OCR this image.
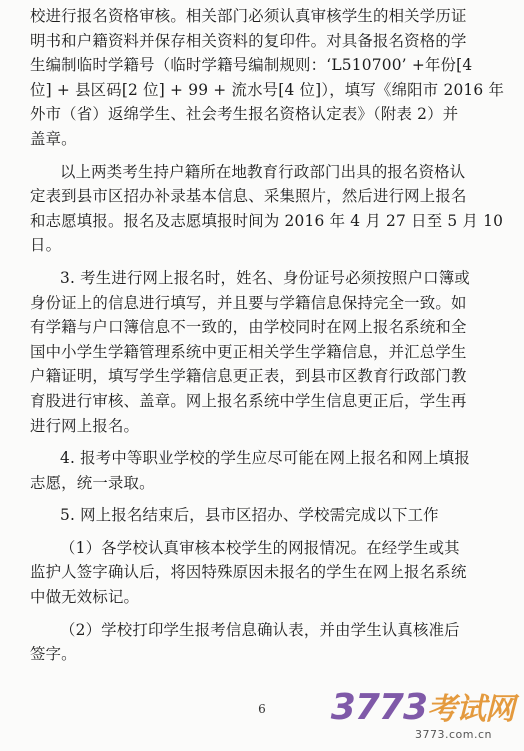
校进行报名资格审核。相关部门必须认真审核学生的相关学历证
明书和户籍资料并保存相关资料的复印件。对具备报名资格的学
生编制临时学籍号（临时学籍号编制规则：‘L510700’ +年份[4
位] + 县区码[2 位] + 99 + 流水号[4 位]），填写《绵阳市 2016 年
外市（省）返绵学生、社会考生报名资格认定表》（附表 2）并
盖章。
以上两类考生持户籍所在地教育行政部门出具的报名资格认
定表到县市区招办补录基本信息、采集照片，然后进行网上报名
和志愿填报。报名及志愿填报时间为 2016 年 4 月 27 日至 5 月 10
日。
3. 考生进行网上报名时，姓名、身份证号必须按照户口簿或
身份证上的信息进行填写，并且要与学籍信息保持完全一致。如
有学籍与户口簿信息不一致的，由学校同时在网上报名系统和全
国中小学生学籍管理系统中更正相关学生学籍信息，并汇总学生
户籍证明，填写学生学籍信息更正表，到县市区教育行政部门教
育股进行审核、盖章。网上报名系统中学生信息更正后，学生再
进行网上报名。
4. 报考中等职业学校的学生应尽可能在网上报名和网上填报
志愿，统一录取。
5. 网上报名结束后，县市区招办、学校需完成以下工作
（1）各学校认真审核本校学生的网报情况。在经学生或其
监护人签字确认后，将因特殊原因未报名的学生在网上报名系统
中做无效标记。
（2）学校打印学生报考信息确认表，并由学生认真核准后
签字。
6	3773考试网
3773.com.cn
